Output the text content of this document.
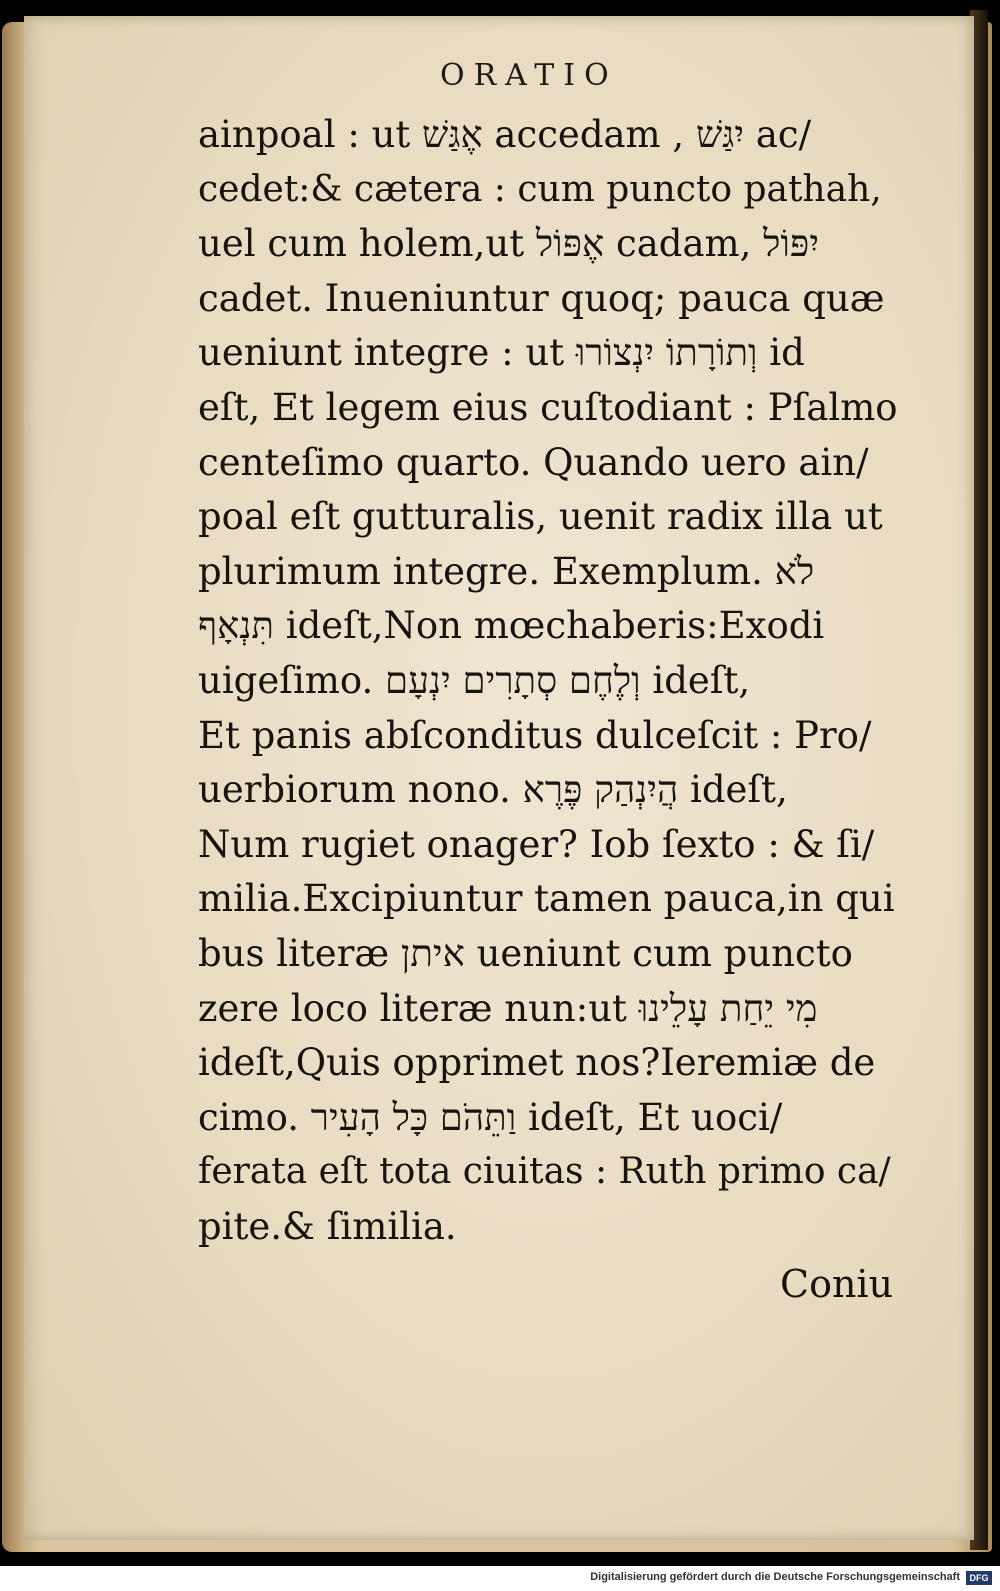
ORATIO
ainpoal : ut אֶגַּשׁ accedam , יִגַּשׁ ac/
cedet:& cætera : cum puncto pathah,
uel cum holem,ut אֶפּוֹל cadam, יִפּוֹל
cadet. Inueniuntur quoq; pauca quæ
ueniunt integre : ut וְתוֹרָתוֹ יִנְצוֹרוּ id
eſt, Et legem eius cuſtodiant : Pſalmo
centeſimo quarto. Quando uero ain/
poal eſt gutturalis, uenit radix illa ut
plurimum integre. Exemplum. לֹא
תִּנְאָף ideſt,Non mœchaberis:Exodi
uigeſimo. וְלֶחֶם סְתָרִים יִנְעָם ideſt,
Et panis abſconditus dulceſcit : Pro/
uerbiorum nono. הֲיִנְהַק פֶּרֶא ideſt,
Num rugiet onager? Iob ſexto : & ſi/
milia.Excipiuntur tamen pauca,in qui
bus literæ איתן ueniunt cum puncto
zere loco literæ nun:ut מִי יֵחַת עָלֵינוּ
ideſt,Quis opprimet nos?Ieremiæ de
cimo. וַתֵּהֹם כָּל הָעִיר ideſt, Et uoci/
ferata eſt tota ciuitas : Ruth primo ca/
pite.& ſimilia.
Coniu
Digitalisierung gefördert durch die Deutsche Forschungsgemeinschaft	DFG
